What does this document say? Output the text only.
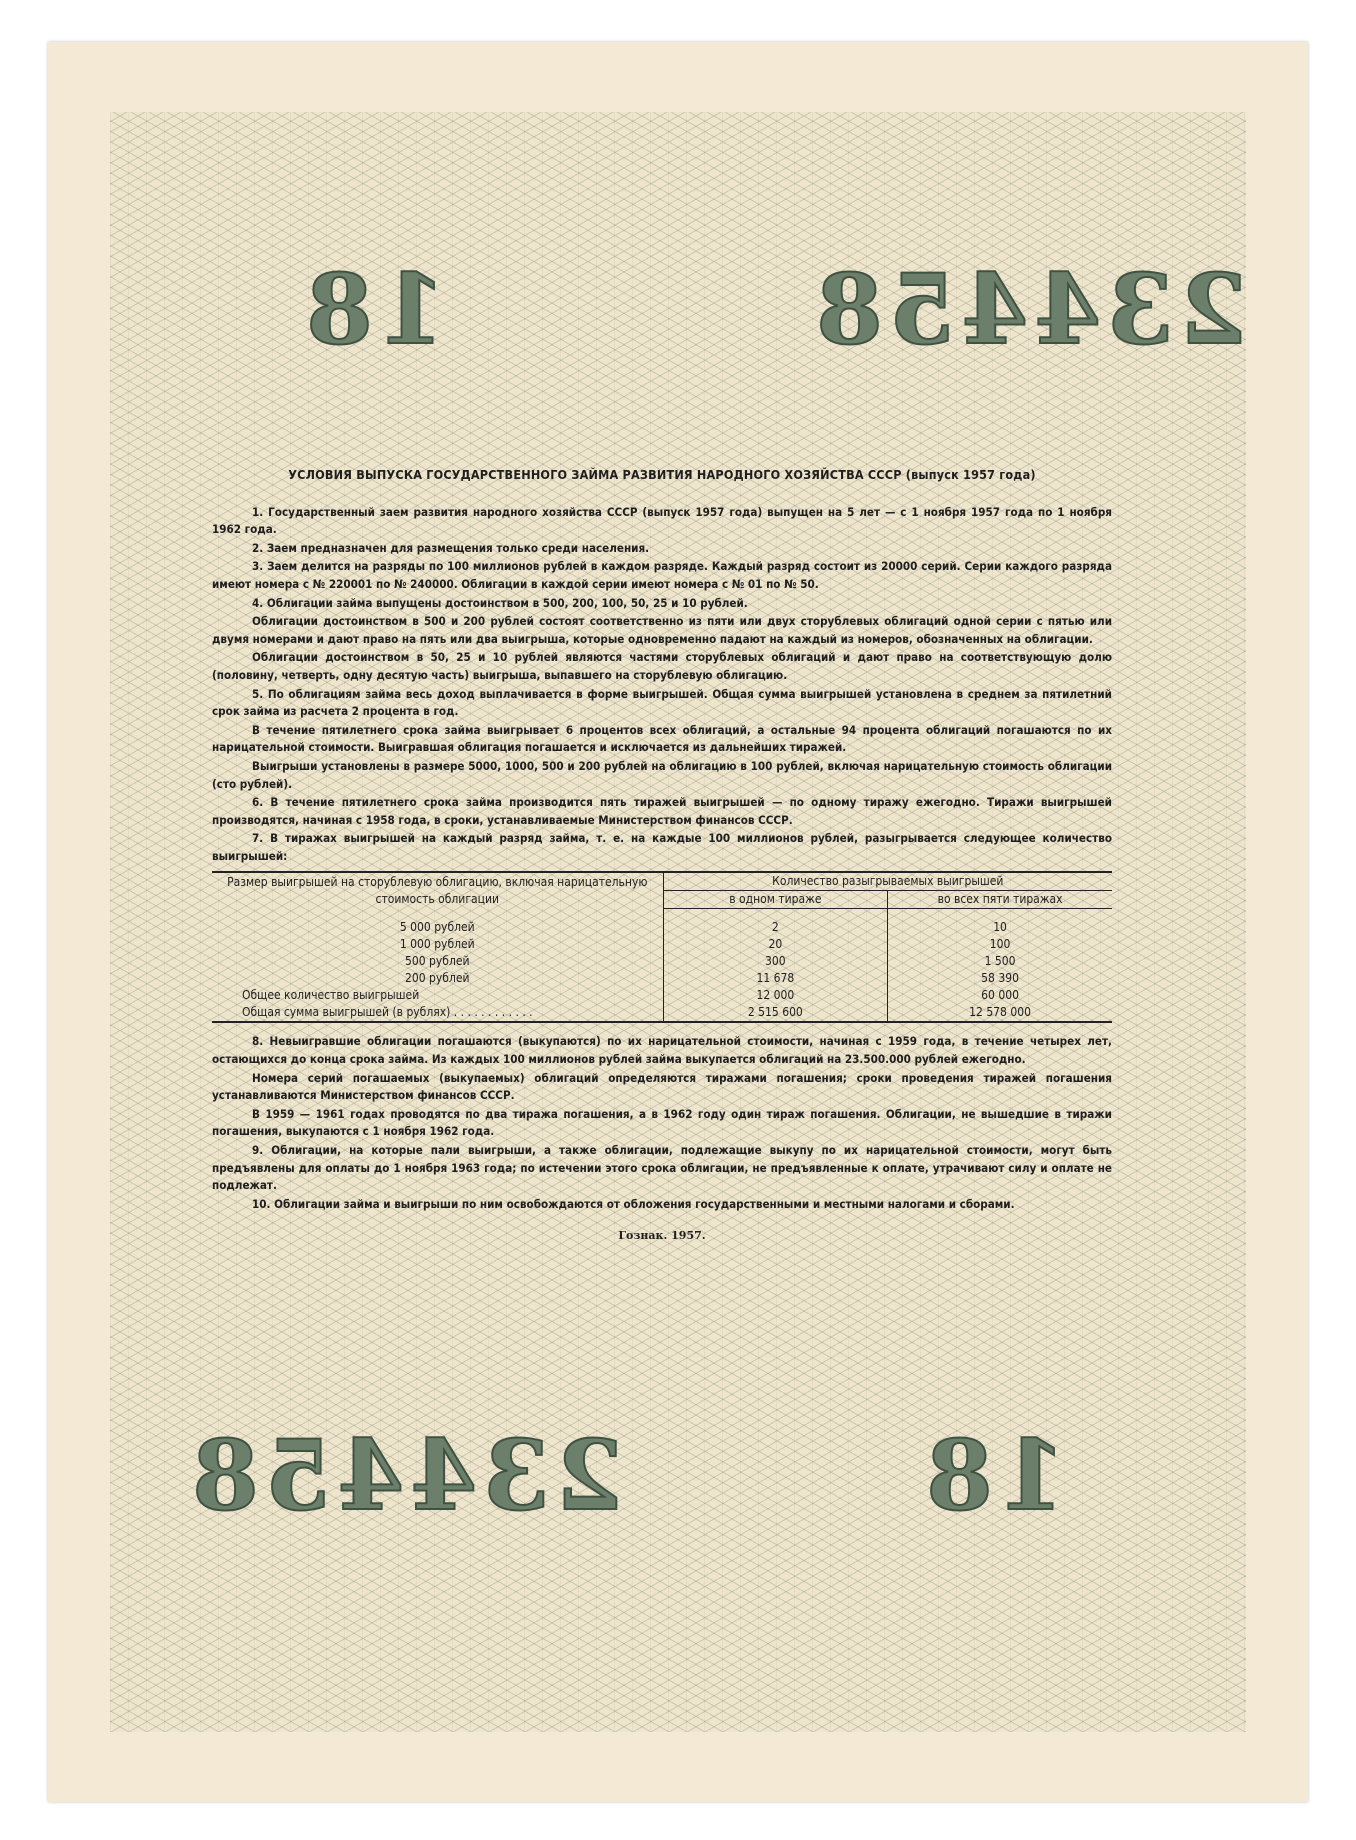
234458
18

УСЛОВИЯ ВЫПУСКА ГОСУДАРСТВЕННОГО ЗАЙМА РАЗВИТИЯ НАРОДНОГО ХОЗЯЙСТВА СССР (выпуск 1957 года)

1. Государственный заем развития народного хозяйства СССР (выпуск 1957 года) выпущен на 5 лет — с 1 ноября 1957 года по 1 ноября 1962 года.

2. Заем предназначен для размещения только среди населения.

3. Заем делится на разряды по 100 миллионов рублей в каждом разряде. Каждый разряд состоит из 20000 серий. Серии каждого разряда имеют номера с № 220001 по № 240000. Облигации в каждой серии имеют номера с № 01 по № 50.

4. Облигации займа выпущены достоинством в 500, 200, 100, 50, 25 и 10 рублей.

Облигации достоинством в 500 и 200 рублей состоят соответственно из пяти или двух сторублевых облигаций одной серии с пятью или двумя номерами и дают право на пять или два выигрыша, которые одновременно падают на каждый из номеров, обозначенных на облигации.

Облигации достоинством в 50, 25 и 10 рублей являются частями сторублевых облигаций и дают право на соответствующую долю (половину, четверть, одну десятую часть) выигрыша, выпавшего на сторублевую облигацию.

5. По облигациям займа весь доход выплачивается в форме выигрышей. Общая сумма выигрышей установлена в среднем за пятилетний срок займа из расчета 2 процента в год.

В течение пятилетнего срока займа выигрывает 6 процентов всех облигаций, а остальные 94 процента облигаций погашаются по их нарицательной стоимости. Выигравшая облигация погашается и исключается из дальнейших тиражей.

Выигрыши установлены в размере 5000, 1000, 500 и 200 рублей на облигацию в 100 рублей, включая нарицательную стоимость облигации (сто рублей).

6. В течение пятилетнего срока займа производится пять тиражей выигрышей — по одному тиражу ежегодно. Тиражи выигрышей производятся, начиная с 1958 года, в сроки, устанавливаемые Министерством финансов СССР.

7. В тиражах выигрышей на каждый разряд займа, т. е. на каждые 100 миллионов рублей, разыгрывается следующее количество выигрышей:

Размер выигрышей на сторублевую облигацию, включая нарицательную стоимость облигации	Количество разыгрываемых выигрышей	
	в одном тираже	во всех пяти тиражах

5 000 рублей	2	10
1 000 рублей	20	100
500 рублей	300	1 500
200 рублей	11 678	58 390
Общее количество выигрышей	12 000	60 000
Общая сумма выигрышей (в рублях) . . . . . . . . . . . .	2 515 600	12 578 000

8. Невыигравшие облигации погашаются (выкупаются) по их нарицательной стоимости, начиная с 1959 года, в течение четырех лет, остающихся до конца срока займа. Из каждых 100 миллионов рублей займа выкупается облигаций на 23.500.000 рублей ежегодно.

Номера серий погашаемых (выкупаемых) облигаций определяются тиражами погашения; сроки проведения тиражей погашения устанавливаются Министерством финансов СССР.

В 1959 — 1961 годах проводятся по два тиража погашения, а в 1962 году один тираж погашения. Облигации, не вышедшие в тиражи погашения, выкупаются с 1 ноября 1962 года.

9. Облигации, на которые пали выигрыши, а также облигации, подлежащие выкупу по их нарицательной стоимости, могут быть предъявлены для оплаты до 1 ноября 1963 года; по истечении этого срока облигации, не предъявленные к оплате, утрачивают силу и оплате не подлежат.

10. Облигации займа и выигрыши по ним освобождаются от обложения государственными и местными налогами и сборами.

Гознак. 1957.
234458	18
